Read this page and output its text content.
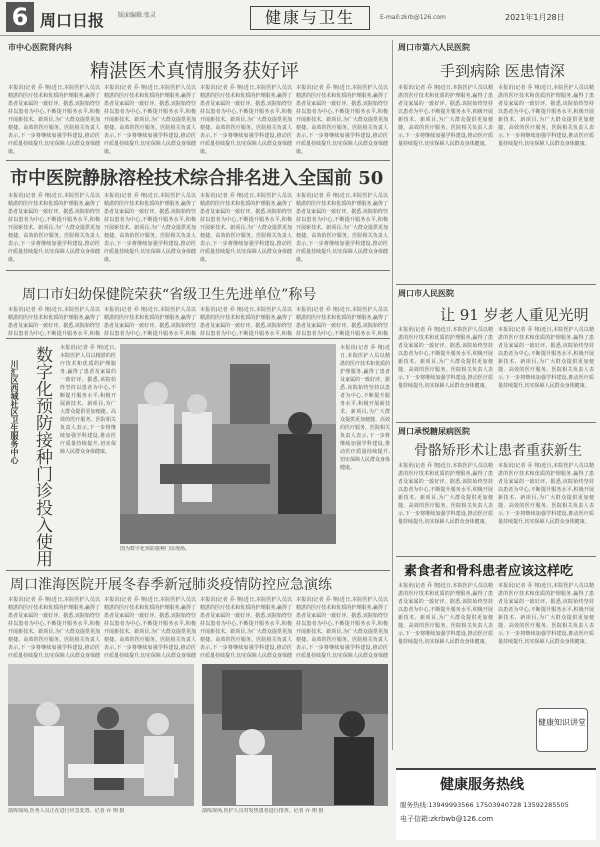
6 周口日报 版面编辑:张灵	健康与卫生	E-mail:zkrb@126.com	2021年1月28日
市中心医院肾内科
精湛医术真情服务获好评
本报讯(记者 乔 翔)近日,本院医护人员以精湛的医疗技术和优质的护理服务,赢得了患者及家属的一致好评。据悉,该院始终坚持以患者为中心,不断提升服务水平,积极开展新技术、新项目,为广大群众提供更加便捷、高效的医疗服务。医院相关负责人表示,下一步将继续加强学科建设,推动医疗质量持续提升,切实保障人民群众身体健康。
本报讯(记者 乔 翔)近日,本院医护人员以精湛的医疗技术和优质的护理服务,赢得了患者及家属的一致好评。据悉,该院始终坚持以患者为中心,不断提升服务水平,积极开展新技术、新项目,为广大群众提供更加便捷、高效的医疗服务。医院相关负责人表示,下一步将继续加强学科建设,推动医疗质量持续提升,切实保障人民群众身体健康。
本报讯(记者 乔 翔)近日,本院医护人员以精湛的医疗技术和优质的护理服务,赢得了患者及家属的一致好评。据悉,该院始终坚持以患者为中心,不断提升服务水平,积极开展新技术、新项目,为广大群众提供更加便捷、高效的医疗服务。医院相关负责人表示,下一步将继续加强学科建设,推动医疗质量持续提升,切实保障人民群众身体健康。
本报讯(记者 乔 翔)近日,本院医护人员以精湛的医疗技术和优质的护理服务,赢得了患者及家属的一致好评。据悉,该院始终坚持以患者为中心,不断提升服务水平,积极开展新技术、新项目,为广大群众提供更加便捷、高效的医疗服务。医院相关负责人表示,下一步将继续加强学科建设,推动医疗质量持续提升,切实保障人民群众身体健康。
市中医院静脉溶栓技术综合排名进入全国前 50
本报讯(记者 乔 翔)近日,本院医护人员以精湛的医疗技术和优质的护理服务,赢得了患者及家属的一致好评。据悉,该院始终坚持以患者为中心,不断提升服务水平,积极开展新技术、新项目,为广大群众提供更加便捷、高效的医疗服务。医院相关负责人表示,下一步将继续加强学科建设,推动医疗质量持续提升,切实保障人民群众身体健康。
本报讯(记者 乔 翔)近日,本院医护人员以精湛的医疗技术和优质的护理服务,赢得了患者及家属的一致好评。据悉,该院始终坚持以患者为中心,不断提升服务水平,积极开展新技术、新项目,为广大群众提供更加便捷、高效的医疗服务。医院相关负责人表示,下一步将继续加强学科建设,推动医疗质量持续提升,切实保障人民群众身体健康。
本报讯(记者 乔 翔)近日,本院医护人员以精湛的医疗技术和优质的护理服务,赢得了患者及家属的一致好评。据悉,该院始终坚持以患者为中心,不断提升服务水平,积极开展新技术、新项目,为广大群众提供更加便捷、高效的医疗服务。医院相关负责人表示,下一步将继续加强学科建设,推动医疗质量持续提升,切实保障人民群众身体健康。
本报讯(记者 乔 翔)近日,本院医护人员以精湛的医疗技术和优质的护理服务,赢得了患者及家属的一致好评。据悉,该院始终坚持以患者为中心,不断提升服务水平,积极开展新技术、新项目,为广大群众提供更加便捷、高效的医疗服务。医院相关负责人表示,下一步将继续加强学科建设,推动医疗质量持续提升,切实保障人民群众身体健康。
周口市妇幼保健院荣获“省级卫生先进单位”称号
本报讯(记者 乔 翔)近日,本院医护人员以精湛的医疗技术和优质的护理服务,赢得了患者及家属的一致好评。据悉,该院始终坚持以患者为中心,不断提升服务水平,积极
本报讯(记者 乔 翔)近日,本院医护人员以精湛的医疗技术和优质的护理服务,赢得了患者及家属的一致好评。据悉,该院始终坚持以患者为中心,不断提升服务水平,积极
本报讯(记者 乔 翔)近日,本院医护人员以精湛的医疗技术和优质的护理服务,赢得了患者及家属的一致好评。据悉,该院始终坚持以患者为中心,不断提升服务水平,积极
本报讯(记者 乔 翔)近日,本院医护人员以精湛的医疗技术和优质的护理服务,赢得了患者及家属的一致好评。据悉,该院始终坚持以患者为中心,不断提升服务水平,积极
数字化预防接种门诊投入使用
川汇区西城社区卫生服务中心
本报讯(记者 乔 翔)近日,本院医护人员以精湛的医疗技术和优质的护理服务,赢得了患者及家属的一致好评。据悉,该院始终坚持以患者为中心,不断提升服务水平,积极开展新技术、新项目,为广大群众提供更加便捷、高效的医疗服务。医院相关负责人表示,下一步将继续加强学科建设,推动医疗质量持续提升,切实保障人民群众身体健康。
本报讯(记者 乔 翔)近日,本院医护人员以精湛的医疗技术和优质的护理服务,赢得了患者及家属的一致好评。据悉,该院始终坚持以患者为中心,不断提升服务水平,积极开展新技术、新项目,为广大群众提供更加便捷、高效的医疗服务。医院相关负责人表示,下一步将继续加强学科建设,推动医疗质量持续提升,切实保障人民群众身体健康。
图为数字化预防接种门诊现场。
周口淮海医院开展冬春季新冠肺炎疫情防控应急演练
本报讯(记者 乔 翔)近日,本院医护人员以精湛的医疗技术和优质的护理服务,赢得了患者及家属的一致好评。据悉,该院始终坚持以患者为中心,不断提升服务水平,积极开展新技术、新项目,为广大群众提供更加便捷、高效的医疗服务。医院相关负责人表示,下一步将继续加强学科建设,推动医疗质量持续提升,切实保障人民群众身体健
本报讯(记者 乔 翔)近日,本院医护人员以精湛的医疗技术和优质的护理服务,赢得了患者及家属的一致好评。据悉,该院始终坚持以患者为中心,不断提升服务水平,积极开展新技术、新项目,为广大群众提供更加便捷、高效的医疗服务。医院相关负责人表示,下一步将继续加强学科建设,推动医疗质量持续提升,切实保障人民群众身体健
本报讯(记者 乔 翔)近日,本院医护人员以精湛的医疗技术和优质的护理服务,赢得了患者及家属的一致好评。据悉,该院始终坚持以患者为中心,不断提升服务水平,积极开展新技术、新项目,为广大群众提供更加便捷、高效的医疗服务。医院相关负责人表示,下一步将继续加强学科建设,推动医疗质量持续提升,切实保障人民群众身体健
本报讯(记者 乔 翔)近日,本院医护人员以精湛的医疗技术和优质的护理服务,赢得了患者及家属的一致好评。据悉,该院始终坚持以患者为中心,不断提升服务水平,积极开展新技术、新项目,为广大群众提供更加便捷、高效的医疗服务。医院相关负责人表示,下一步将继续加强学科建设,推动医疗质量持续提升,切实保障人民群众身体健
演练现场,医务人员正在进行应急处置。记者 乔 翔 摄	演练现场,医护人员对发热患者进行排查。记者 乔 翔 摄
周口市第六人民医院
手到病除 医患情深
本报讯(记者 乔 翔)近日,本院医护人员以精湛的医疗技术和优质的护理服务,赢得了患者及家属的一致好评。据悉,该院始终坚持以患者为中心,不断提升服务水平,积极开展新技术、新项目,为广大群众提供更加便捷、高效的医疗服务。医院相关负责人表示,下一步将继续加强学科建设,推动医疗质量持续提升,切实保障人民群众身体健康。
本报讯(记者 乔 翔)近日,本院医护人员以精湛的医疗技术和优质的护理服务,赢得了患者及家属的一致好评。据悉,该院始终坚持以患者为中心,不断提升服务水平,积极开展新技术、新项目,为广大群众提供更加便捷、高效的医疗服务。医院相关负责人表示,下一步将继续加强学科建设,推动医疗质量持续提升,切实保障人民群众身体健康。
周口市人民医院
让 91 岁老人重见光明
本报讯(记者 乔 翔)近日,本院医护人员以精湛的医疗技术和优质的护理服务,赢得了患者及家属的一致好评。据悉,该院始终坚持以患者为中心,不断提升服务水平,积极开展新技术、新项目,为广大群众提供更加便捷、高效的医疗服务。医院相关负责人表示,下一步将继续加强学科建设,推动医疗质量持续提升,切实保障人民群众身体健康。
本报讯(记者 乔 翔)近日,本院医护人员以精湛的医疗技术和优质的护理服务,赢得了患者及家属的一致好评。据悉,该院始终坚持以患者为中心,不断提升服务水平,积极开展新技术、新项目,为广大群众提供更加便捷、高效的医疗服务。医院相关负责人表示,下一步将继续加强学科建设,推动医疗质量持续提升,切实保障人民群众身体健康。
周口承悦糖尿病医院
骨骼矫形术让患者重获新生
本报讯(记者 乔 翔)近日,本院医护人员以精湛的医疗技术和优质的护理服务,赢得了患者及家属的一致好评。据悉,该院始终坚持以患者为中心,不断提升服务水平,积极开展新技术、新项目,为广大群众提供更加便捷、高效的医疗服务。医院相关负责人表示,下一步将继续加强学科建设,推动医疗质量持续提升,切实保障人民群众身体健康。
本报讯(记者 乔 翔)近日,本院医护人员以精湛的医疗技术和优质的护理服务,赢得了患者及家属的一致好评。据悉,该院始终坚持以患者为中心,不断提升服务水平,积极开展新技术、新项目,为广大群众提供更加便捷、高效的医疗服务。医院相关负责人表示,下一步将继续加强学科建设,推动医疗质量持续提升,切实保障人民群众身体健康。
素食者和骨科患者应该这样吃
本报讯(记者 乔 翔)近日,本院医护人员以精湛的医疗技术和优质的护理服务,赢得了患者及家属的一致好评。据悉,该院始终坚持以患者为中心,不断提升服务水平,积极开展新技术、新项目,为广大群众提供更加便捷、高效的医疗服务。医院相关负责人表示,下一步将继续加强学科建设,推动医疗质量持续提升,切实保障人民群众身体健康。
本报讯(记者 乔 翔)近日,本院医护人员以精湛的医疗技术和优质的护理服务,赢得了患者及家属的一致好评。据悉,该院始终坚持以患者为中心,不断提升服务水平,积极开展新技术、新项目,为广大群众提供更加便捷、高效的医疗服务。医院相关负责人表示,下一步将继续加强学科建设,推动医疗质量持续提升,切实保障人民群众身体健康。
健康知识讲堂
健康服务热线
服务热线:13949993566 17503940728 13592285505
电子信箱:zkrbwb@126.com
